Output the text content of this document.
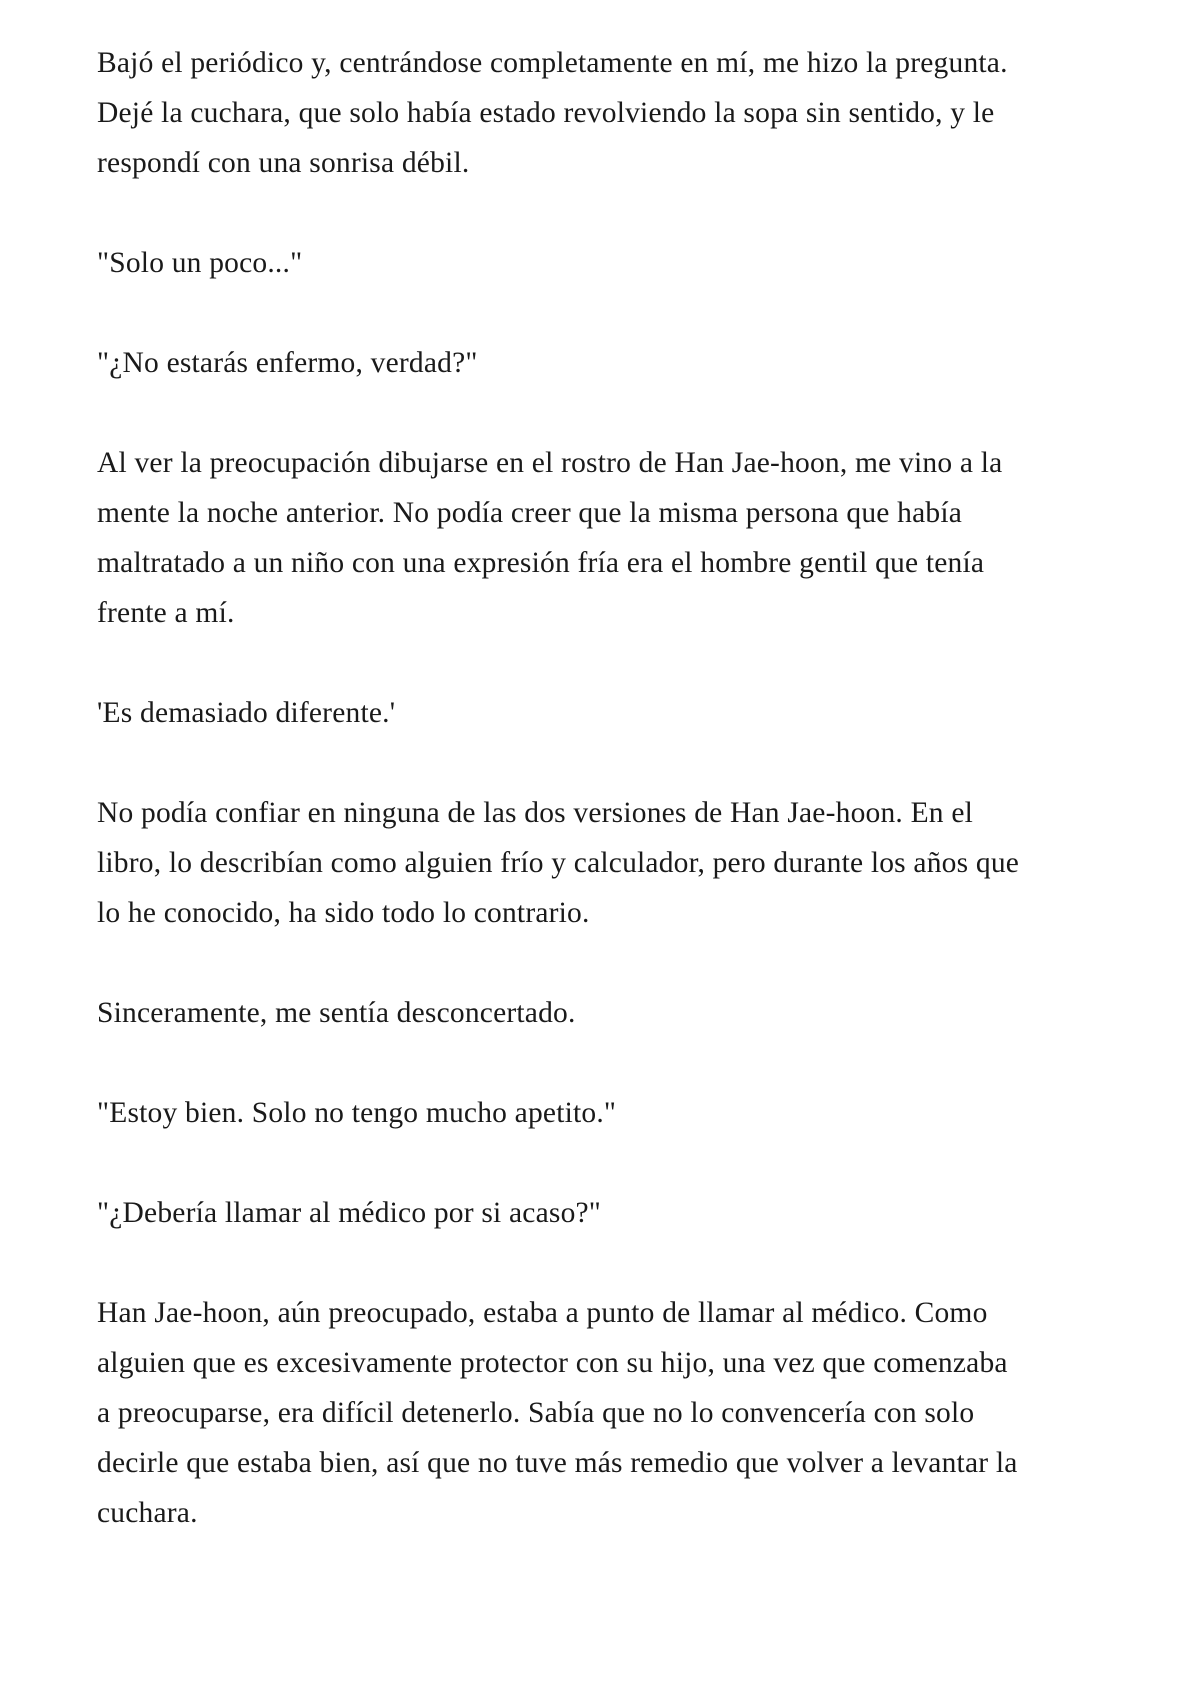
Bajó el periódico y, centrándose completamente en mí, me hizo la pregunta. Dejé la cuchara, que solo había estado revolviendo la sopa sin sentido, y le respondí con una sonrisa débil.

"Solo un poco..."

"¿No estarás enfermo, verdad?"

Al ver la preocupación dibujarse en el rostro de Han Jae-hoon, me vino a la mente la noche anterior. No podía creer que la misma persona que había maltratado a un niño con una expresión fría era el hombre gentil que tenía frente a mí.

'Es demasiado diferente.'

No podía confiar en ninguna de las dos versiones de Han Jae-hoon. En el libro, lo describían como alguien frío y calculador, pero durante los años que lo he conocido, ha sido todo lo contrario.

Sinceramente, me sentía desconcertado.

"Estoy bien. Solo no tengo mucho apetito."

"¿Debería llamar al médico por si acaso?"

Han Jae-hoon, aún preocupado, estaba a punto de llamar al médico. Como alguien que es excesivamente protector con su hijo, una vez que comenzaba a preocuparse, era difícil detenerlo. Sabía que no lo convencería con solo decirle que estaba bien, así que no tuve más remedio que volver a levantar la cuchara.
